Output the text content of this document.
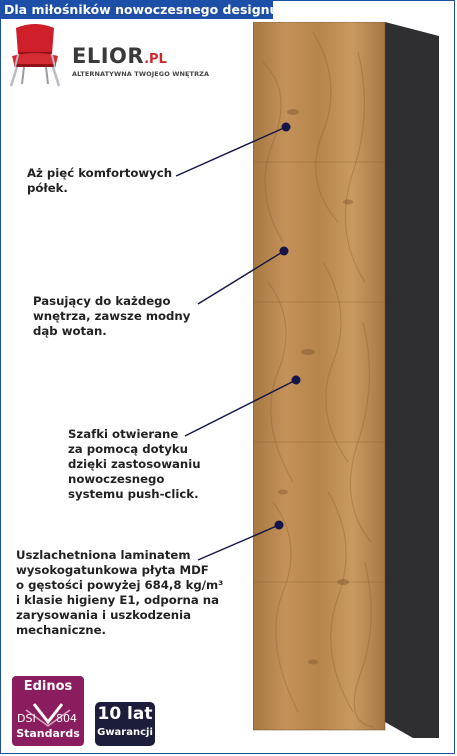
Dla miłośników nowoczesnego designu!
ELIOR.PL
ALTERNATYWNA TWOJEGO WNĘTRZA
Aż pięć komfortowych
półek.
Pasujący do każdego
wnętrza, zawsze modny
dąb wotan.
Szafki otwierane
za pomocą dotyku
dzięki zastosowaniu
nowoczesnego
systemu push-click.
Uszlachetniona laminatem
wysokogatunkowa płyta MDF
o gęstości powyżej 684,8 kg/m³
i klasie higieny E1, odporna na
zarysowania i uszkodzenia
mechaniczne.
Edinos
DSI 804
Standards
10 lat
Gwarancji
